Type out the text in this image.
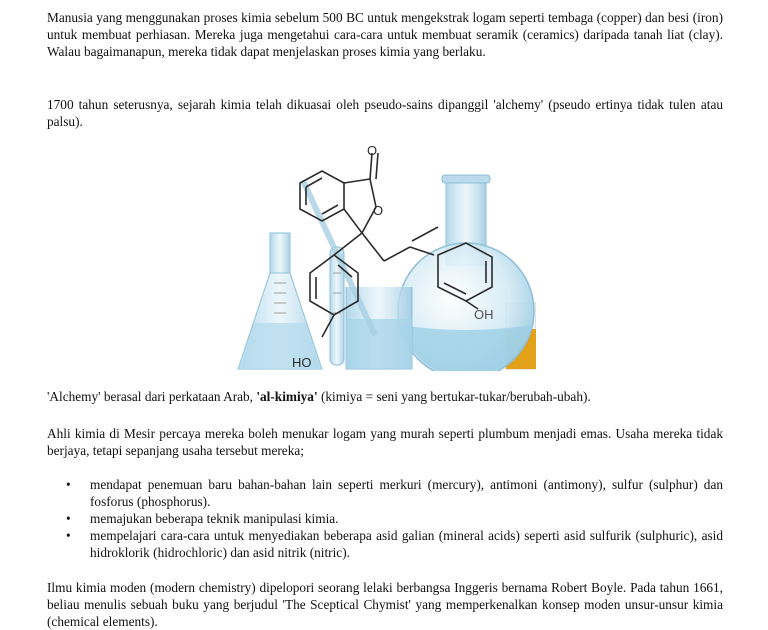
Manusia yang menggunakan proses kimia sebelum 500 BC untuk mengekstrak logam seperti tembaga (copper) dan besi (iron) untuk membuat perhiasan. Mereka juga mengetahui cara-cara untuk membuat seramik (ceramics) daripada tanah liat (clay). Walau bagaimanapun, mereka tidak dapat menjelaskan proses kimia yang berlaku.

1700 tahun seterusnya, sejarah kimia telah dikuasai oleh pseudo-sains dipanggil 'alchemy' (pseudo ertinya tidak tulen atau palsu).

O
O
HO
OH

'Alchemy' berasal dari perkataan Arab, 'al-kimiya' (kimiya = seni yang bertukar-tukar/berubah-ubah).

Ahli kimia di Mesir percaya mereka boleh menukar logam yang murah seperti plumbum menjadi emas. Usaha mereka tidak berjaya, tetapi sepanjang usaha tersebut mereka;

• mendapat penemuan baru bahan-bahan lain seperti merkuri (mercury), antimoni (antimony), sulfur (sulphur) dan fosforus (phosphorus).
• memajukan beberapa teknik manipulasi kimia.
• mempelajari cara-cara untuk menyediakan beberapa asid galian (mineral acids) seperti asid sulfurik (sulphuric), asid hidroklorik (hidrochloric) dan asid nitrik (nitric).

Ilmu kimia moden (modern chemistry) dipelopori seorang lelaki berbangsa Inggeris bernama Robert Boyle. Pada tahun 1661, beliau menulis sebuah buku yang berjudul 'The Sceptical Chymist' yang memperkenalkan konsep moden unsur-unsur kimia (chemical elements).
